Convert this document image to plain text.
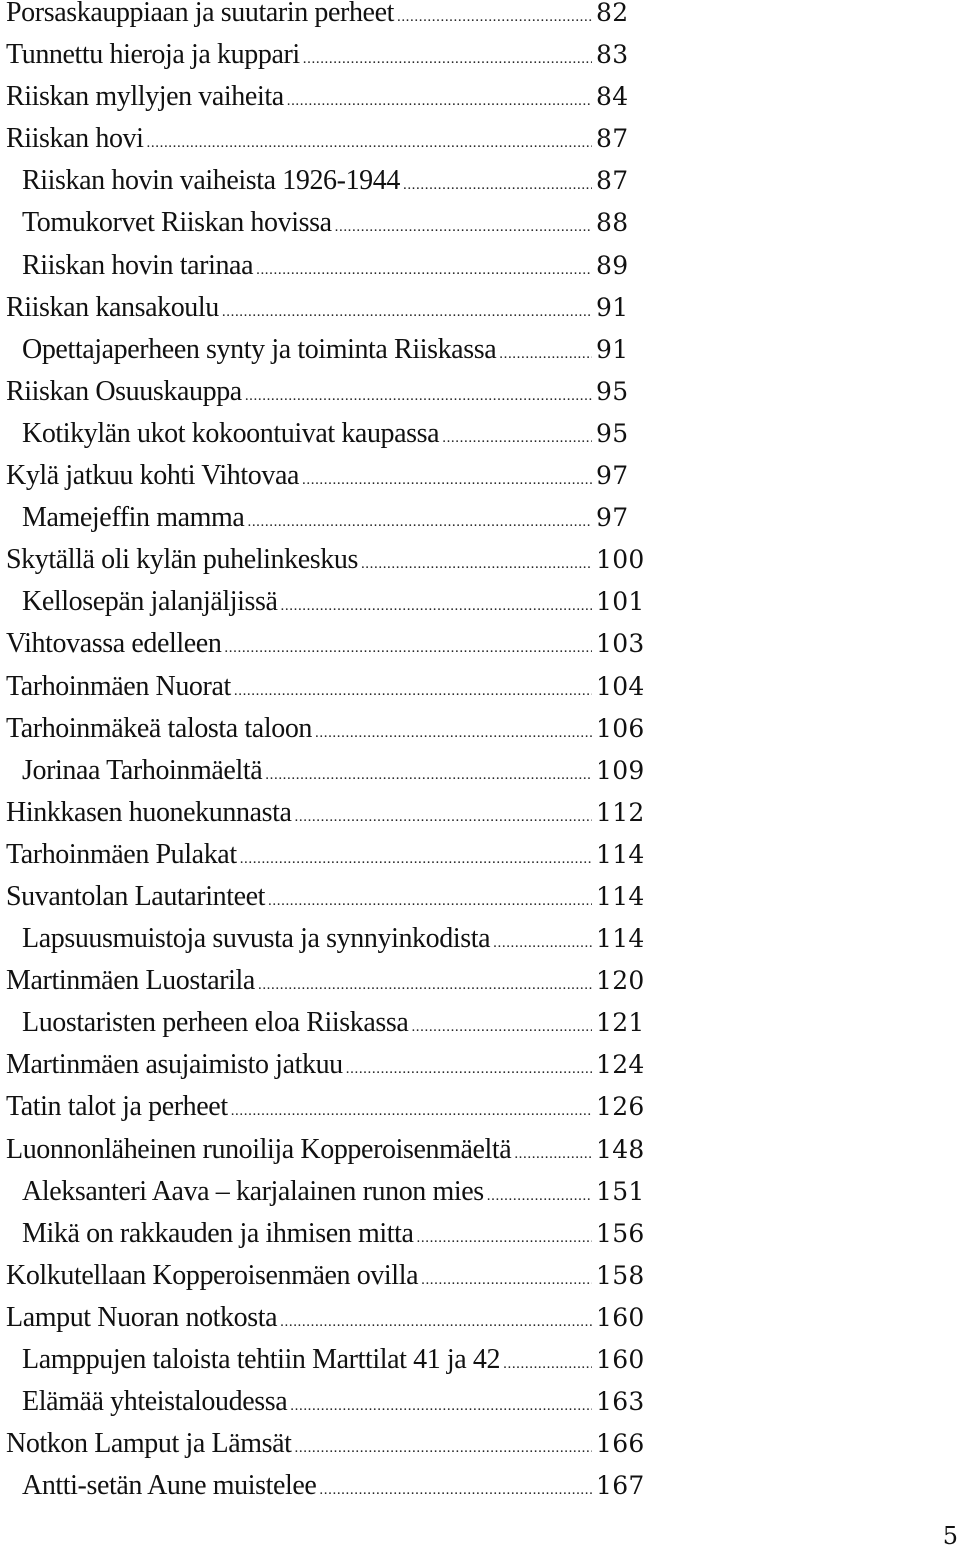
Porsaskauppiaan ja suutarin perheet .....	82
Tunnettu hieroja ja kuppari .....	83
Riiskan myllyjen vaiheita .....	84
Riiskan hovi .....	87
Riiskan hovin vaiheista 1926-1944 .....	87
Tomukorvet Riiskan hovissa .....	88
Riiskan hovin tarinaa .....	89
Riiskan kansakoulu .....	91
Opettajaperheen synty ja toiminta Riiskassa .....	91
Riiskan Osuuskauppa .....	95
Kotikylän ukot kokoontuivat kaupassa .....	95
Kylä jatkuu kohti Vihtovaa .....	97
Mamejeffin mamma .....	97
Skytällä oli kylän puhelinkeskus .....	100
Kellosepän jalanjäljissä .....	101
Vihtovassa edelleen .....	103
Tarhoinmäen Nuorat .....	104
Tarhoinmäkeä talosta taloon .....	106
Jorinaa Tarhoinmäeltä .....	109
Hinkkasen huonekunnasta .....	112
Tarhoinmäen Pulakat .....	114
Suvantolan Lautarinteet .....	114
Lapsuusmuistoja suvusta ja synnyinkodista .....	114
Martinmäen Luostarila .....	120
Luostaristen perheen eloa Riiskassa .....	121
Martinmäen asujaimisto jatkuu .....	124
Tatin talot ja perheet .....	126
Luonnonläheinen runoilija Kopperoisenmäeltä .....	148
Aleksanteri Aava – karjalainen runon mies .....	151
Mikä on rakkauden ja ihmisen mitta .....	156
Kolkutellaan Kopperoisenmäen ovilla .....	158
Lamput Nuoran notkosta .....	160
Lamppujen taloista tehtiin Marttilat 41 ja 42 .....	160
Elämää yhteistaloudessa .....	163
Notkon Lamput ja Lämsät .....	166
Antti-setän Aune muistelee .....	167
5
